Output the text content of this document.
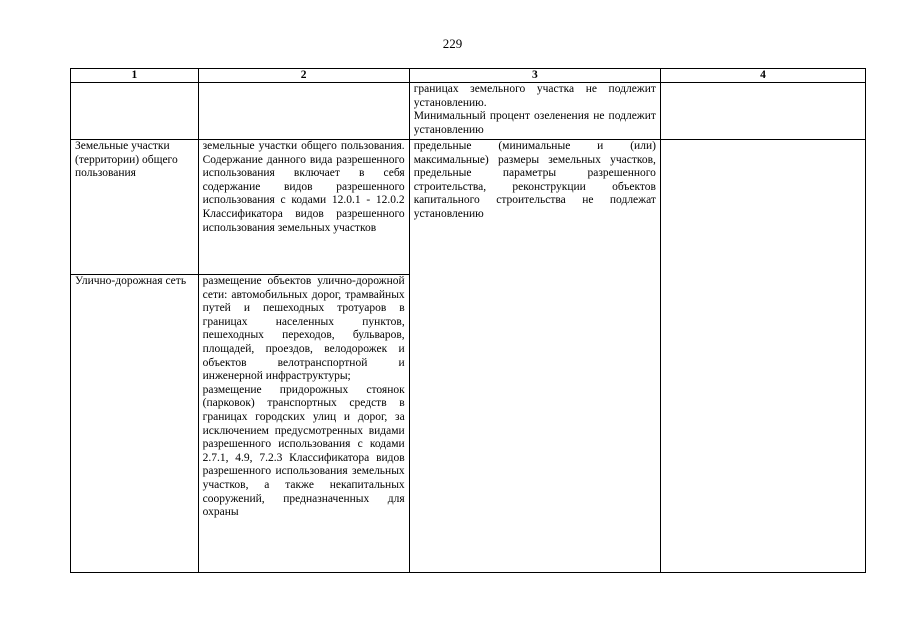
229
1	2	3	4

		границах земельного участка не подлежит установлению.
Минимальный процент озеленения не подлежит установлению	

Земельные участки (территории) общего пользования	земельные участки общего пользования. Содержание данного вида разрешенного использования включает в себя содержание видов разрешенного использования с кодами 12.0.1 - 12.0.2 Классификатора видов разрешенного использования земельных участков	предельные (минимальные и (или) максимальные) размеры земельных участков, предельные параметры разрешенного строительства, реконструкции объектов капитального строительства не подлежат установлению	
Улично-дорожная сеть	размещение объектов улично-дорожной сети: автомобильных дорог, трамвайных путей и пешеходных тротуаров в границах населенных пунктов, пешеходных переходов, бульваров, площадей, проездов, велодорожек и объектов велотранспортной и инженерной инфраструктуры;
размещение придорожных стоянок (парковок) транспортных средств в границах городских улиц и дорог, за исключением предусмотренных видами разрешенного использования с кодами 2.7.1, 4.9, 7.2.3 Классификатора видов разрешенного использования земельных участков, а также некапитальных сооружений, предназначенных для охраны		
